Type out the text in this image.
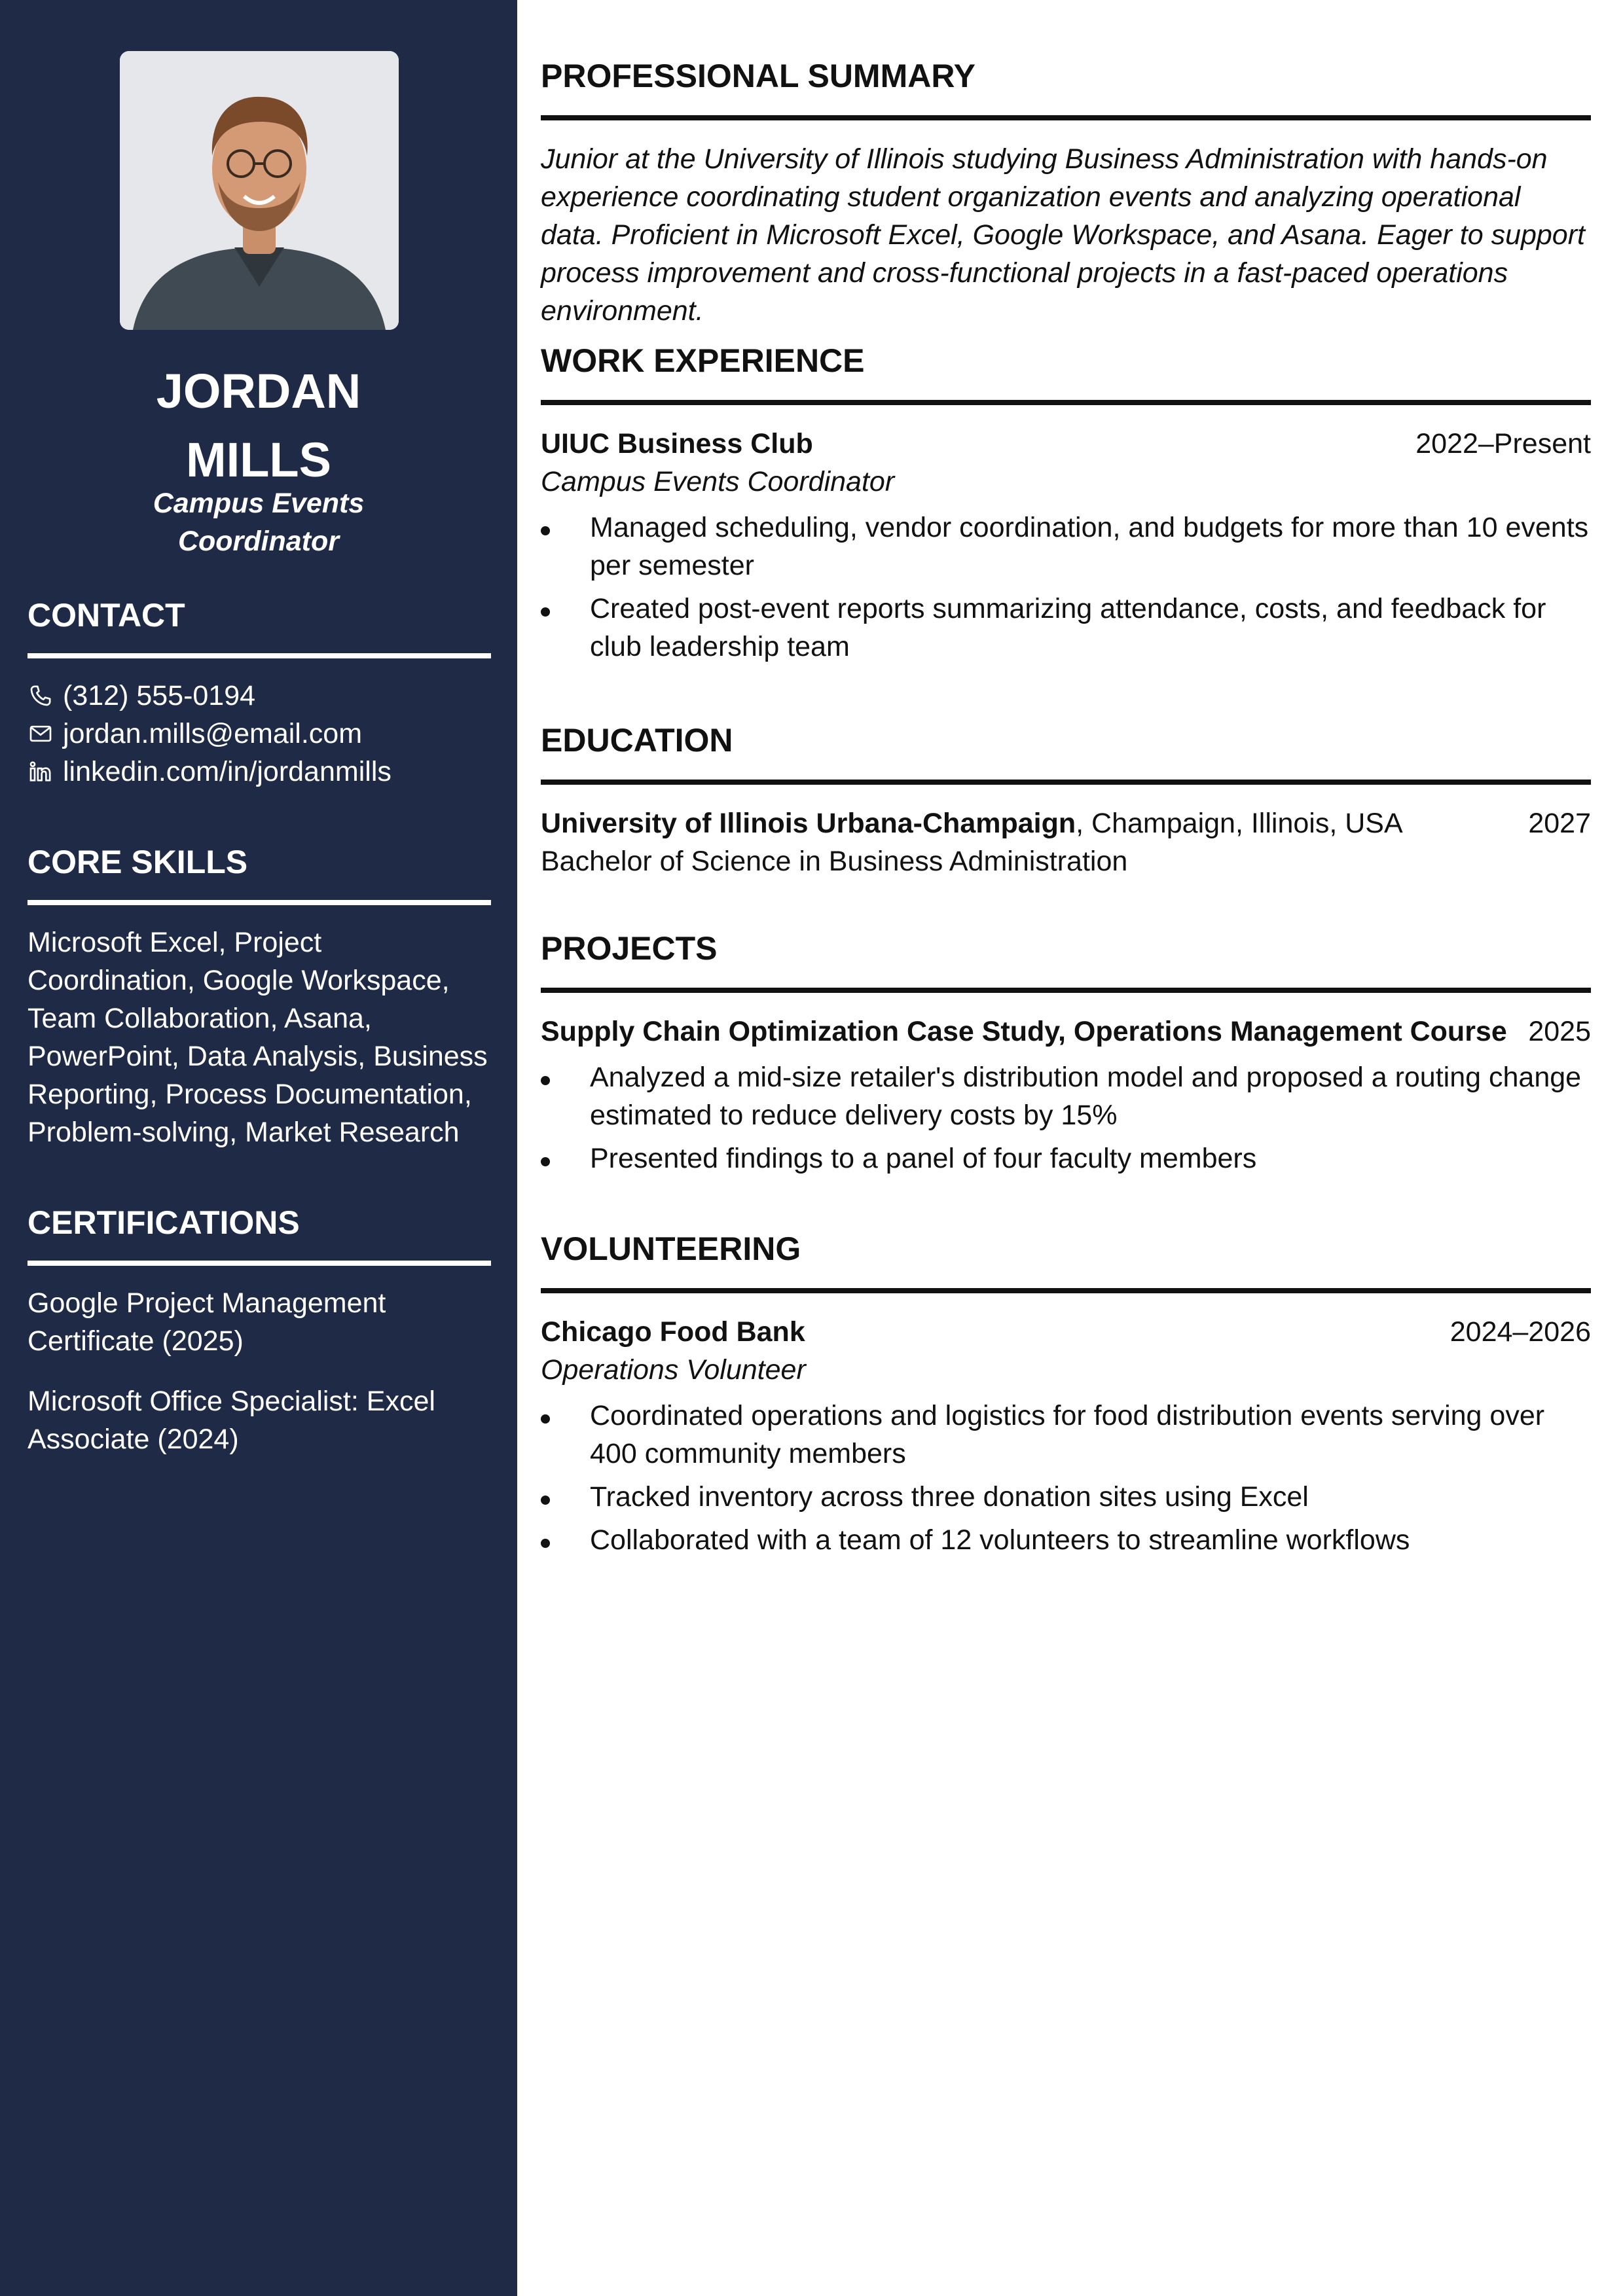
JORDAN
MILLS
Campus Events
Coordinator
CONTACT
(312) 555-0194
jordan.mills@email.com
linkedin.com/in/jordanmills
CORE SKILLS
Microsoft Excel, Project Coordination, Google Workspace, Team Collaboration, Asana, PowerPoint, Data Analysis, Business Reporting, Process Documentation, Problem-solving, Market Research
CERTIFICATIONS
Google Project Management Certificate (2025)
Microsoft Office Specialist: Excel Associate (2024)
PROFESSIONAL SUMMARY
Junior at the University of Illinois studying Business Administration with hands-on experience coordinating student organization events and analyzing operational data. Proficient in Microsoft Excel, Google Workspace, and Asana. Eager to support process improvement and cross-functional projects in a fast-paced operations environment.
WORK EXPERIENCE
UIUC Business Club	2022–Present
Campus Events Coordinator
Managed scheduling, vendor coordination, and budgets for more than 10 events per semester
Created post-event reports summarizing attendance, costs, and feedback for club leadership team
EDUCATION
University of Illinois Urbana-Champaign, Champaign, Illinois, USA	2027
Bachelor of Science in Business Administration
PROJECTS
Supply Chain Optimization Case Study, Operations Management Course 2025
Analyzed a mid-size retailer's distribution model and proposed a routing change estimated to reduce delivery costs by 15%
Presented findings to a panel of four faculty members
VOLUNTEERING
Chicago Food Bank	2024–2026
Operations Volunteer
Coordinated operations and logistics for food distribution events serving over 400 community members
Tracked inventory across three donation sites using Excel
Collaborated with a team of 12 volunteers to streamline workflows
